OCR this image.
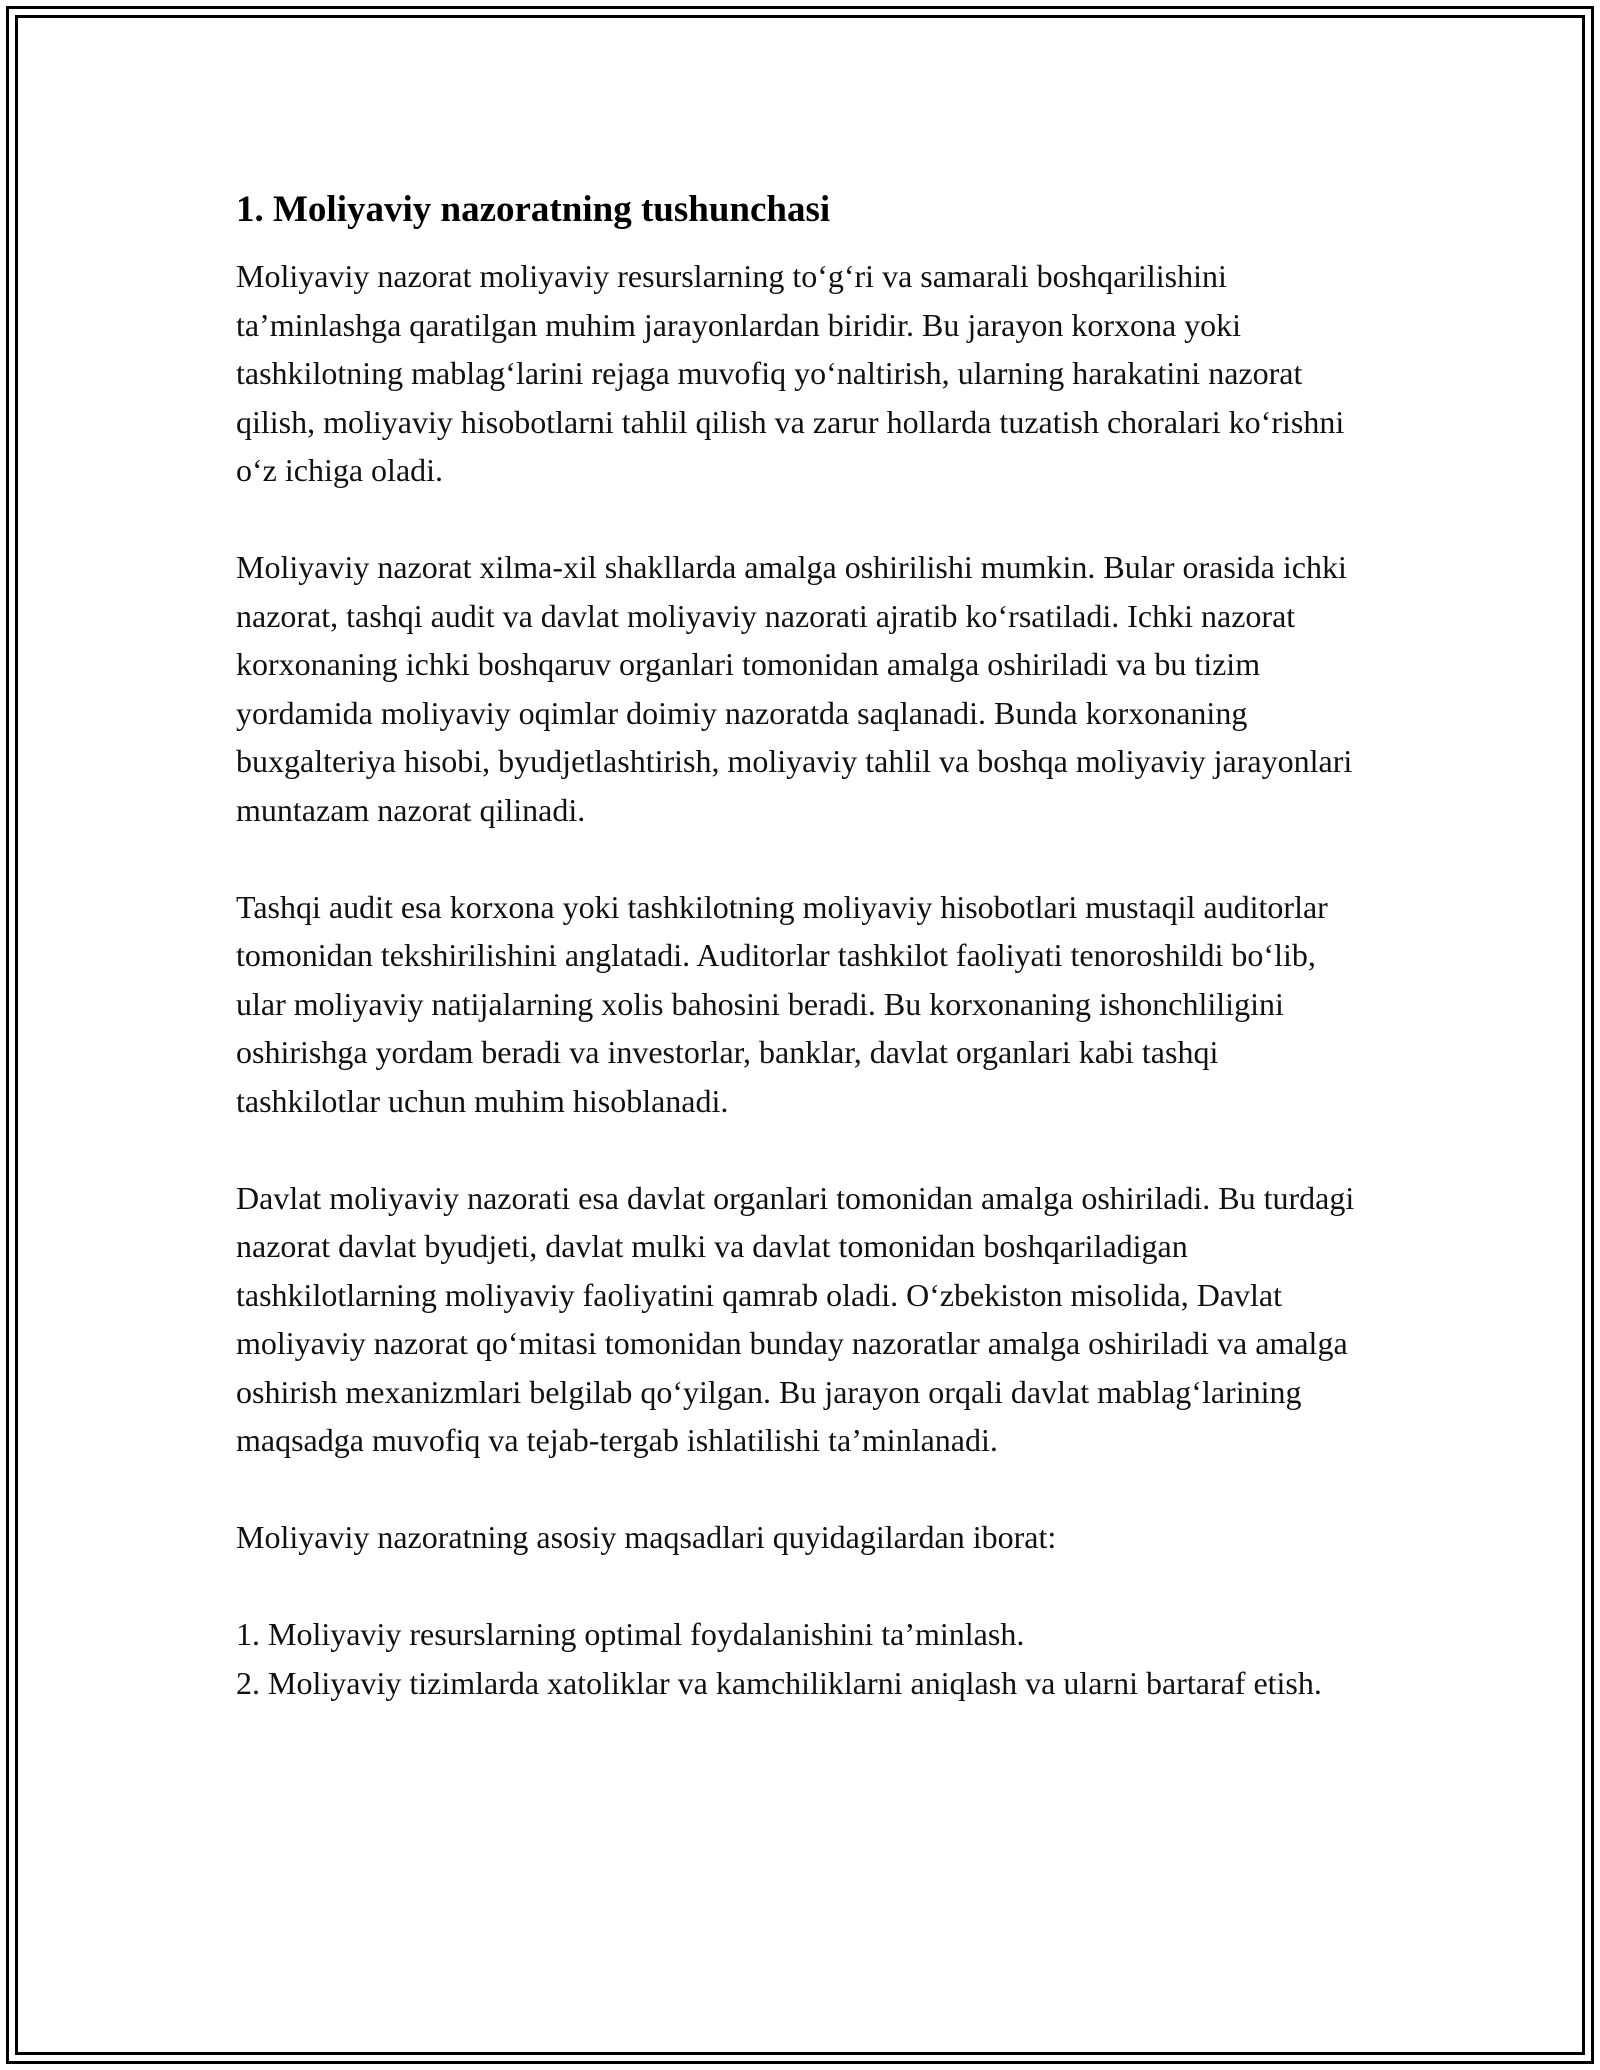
1. Moliyaviy nazoratning tushunchasi

Moliyaviy nazorat moliyaviy resurslarning to‘g‘ri va samarali boshqarilishini ta’minlashga qaratilgan muhim jarayonlardan biridir. Bu jarayon korxona yoki tashkilotning mablag‘larini rejaga muvofiq yo‘naltirish, ularning harakatini nazorat qilish, moliyaviy hisobotlarni tahlil qilish va zarur hollarda tuzatish choralari ko‘rishni o‘z ichiga oladi.

Moliyaviy nazorat xilma-xil shakllarda amalga oshirilishi mumkin. Bular orasida ichki nazorat, tashqi audit va davlat moliyaviy nazorati ajratib ko‘rsatiladi. Ichki nazorat korxonaning ichki boshqaruv organlari tomonidan amalga oshiriladi va bu tizim yordamida moliyaviy oqimlar doimiy nazoratda saqlanadi. Bunda korxonaning buxgalteriya hisobi, byudjetlashtirish, moliyaviy tahlil va boshqa moliyaviy jarayonlari muntazam nazorat qilinadi.

Tashqi audit esa korxona yoki tashkilotning moliyaviy hisobotlari mustaqil auditorlar tomonidan tekshirilishini anglatadi. Auditorlar tashkilot faoliyati tenoroshildi bo‘lib, ular moliyaviy natijalarning xolis bahosini beradi. Bu korxonaning ishonchliligini oshirishga yordam beradi va investorlar, banklar, davlat organlari kabi tashqi tashkilotlar uchun muhim hisoblanadi.

Davlat moliyaviy nazorati esa davlat organlari tomonidan amalga oshiriladi. Bu turdagi nazorat davlat byudjeti, davlat mulki va davlat tomonidan boshqariladigan tashkilotlarning moliyaviy faoliyatini qamrab oladi. O‘zbekiston misolida, Davlat moliyaviy nazorat qo‘mitasi tomonidan bunday nazoratlar amalga oshiriladi va amalga oshirish mexanizmlari belgilab qo‘yilgan. Bu jarayon orqali davlat mablag‘larining maqsadga muvofiq va tejab-tergab ishlatilishi ta’minlanadi.

Moliyaviy nazoratning asosiy maqsadlari quyidagilardan iborat:

1. Moliyaviy resurslarning optimal foydalanishini ta’minlash.

2. Moliyaviy tizimlarda xatoliklar va kamchiliklarni aniqlash va ularni bartaraf etish.
